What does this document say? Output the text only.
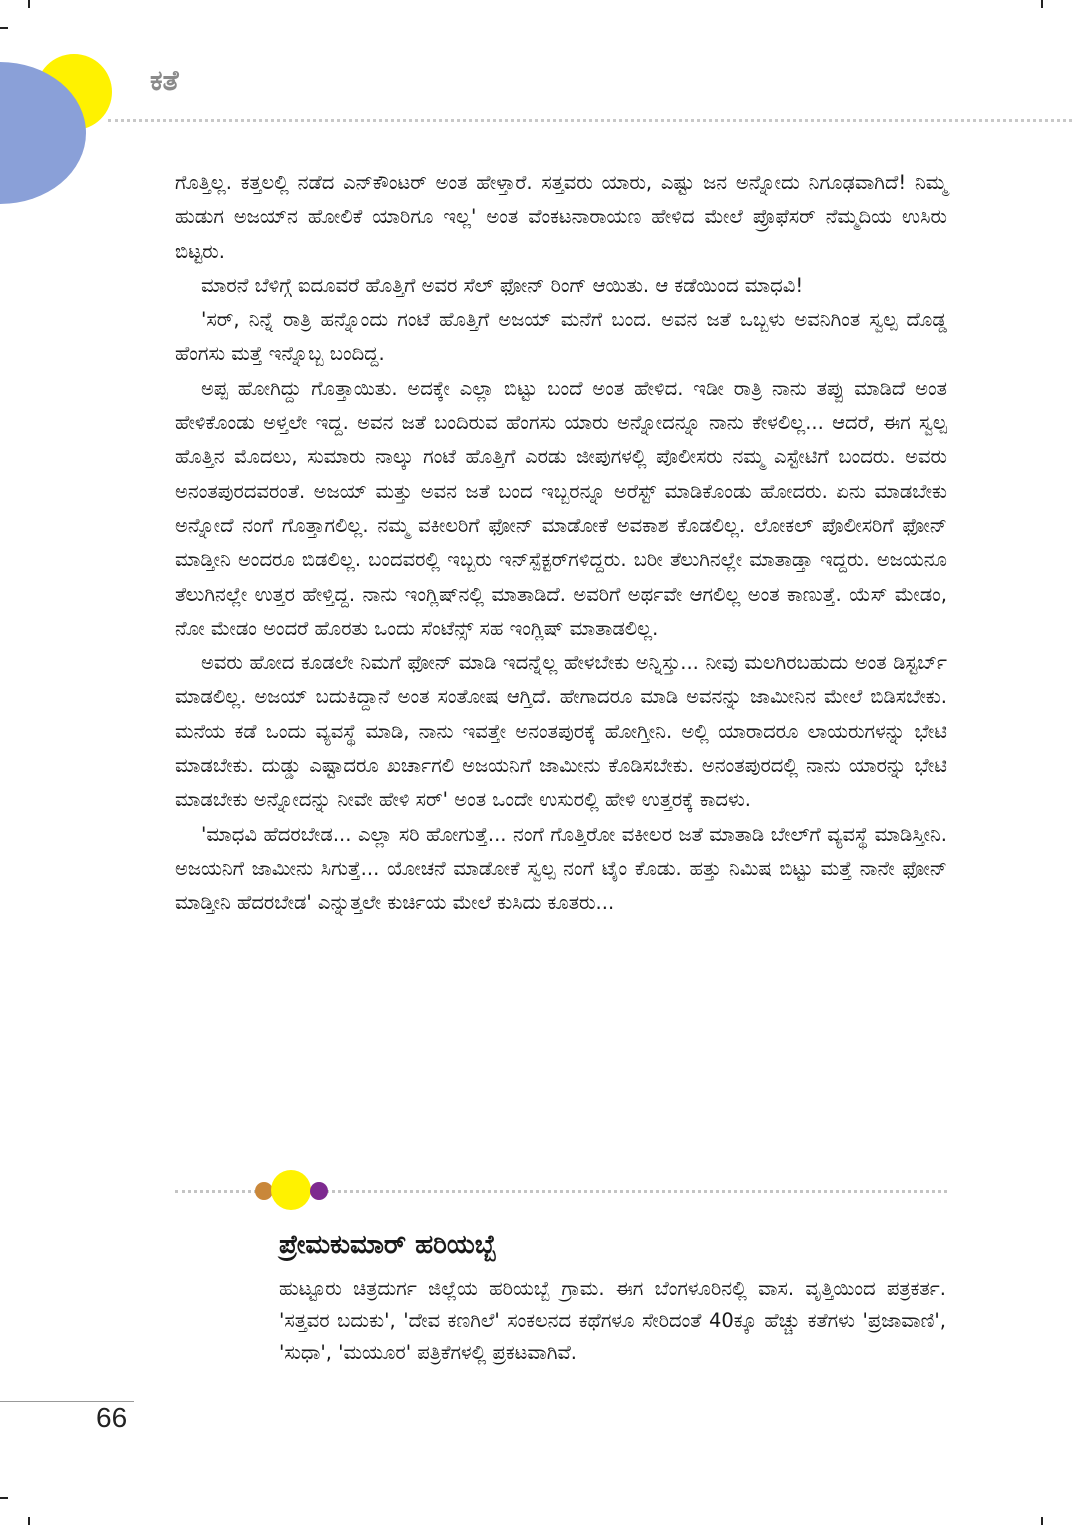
ಕತೆ

ಗೊತ್ತಿಲ್ಲ. ಕತ್ತಲಲ್ಲಿ ನಡೆದ ಎನ್‌ಕೌಂಟರ್ ಅಂತ ಹೇಳ್ತಾರೆ. ಸತ್ತವರು ಯಾರು, ಎಷ್ಟು ಜನ ಅನ್ನೋದು ನಿಗೂಢವಾಗಿದೆ! ನಿಮ್ಮ ಹುಡುಗ ಅಜಯ್‌ನ ಹೋಲಿಕೆ ಯಾರಿಗೂ ಇಲ್ಲ' ಅಂತ ವೆಂಕಟನಾರಾಯಣ ಹೇಳಿದ ಮೇಲೆ ಪ್ರೊಫೆಸರ್ ನೆಮ್ಮದಿಯ ಉಸಿರು ಬಿಟ್ಟರು.

ಮಾರನೆ ಬೆಳಿಗ್ಗೆ ಐದೂವರೆ ಹೊತ್ತಿಗೆ ಅವರ ಸೆಲ್ ಫೋನ್ ರಿಂಗ್ ಆಯಿತು. ಆ ಕಡೆಯಿಂದ ಮಾಧವಿ!

'ಸರ್, ನಿನ್ನೆ ರಾತ್ರಿ ಹನ್ನೊಂದು ಗಂಟೆ ಹೊತ್ತಿಗೆ ಅಜಯ್ ಮನೆಗೆ ಬಂದ. ಅವನ ಜತೆ ಒಬ್ಬಳು ಅವನಿಗಿಂತ ಸ್ವಲ್ಪ ದೊಡ್ಡ ಹೆಂಗಸು ಮತ್ತೆ ಇನ್ನೊಬ್ಬ ಬಂದಿದ್ದ.

ಅಪ್ಪ ಹೋಗಿದ್ದು ಗೊತ್ತಾಯಿತು. ಅದಕ್ಕೇ ಎಲ್ಲಾ ಬಿಟ್ಟು ಬಂದೆ ಅಂತ ಹೇಳಿದ. ಇಡೀ ರಾತ್ರಿ ನಾನು ತಪ್ಪು ಮಾಡಿದೆ ಅಂತ ಹೇಳಿಕೊಂಡು ಅಳ್ತಲೇ ಇದ್ದ. ಅವನ ಜತೆ ಬಂದಿರುವ ಹೆಂಗಸು ಯಾರು ಅನ್ನೋದನ್ನೂ ನಾನು ಕೇಳಲಿಲ್ಲ... ಆದರೆ, ಈಗ ಸ್ವಲ್ಪ ಹೊತ್ತಿನ ಮೊದಲು, ಸುಮಾರು ನಾಲ್ಕು ಗಂಟೆ ಹೊತ್ತಿಗೆ ಎರಡು ಜೀಪುಗಳಲ್ಲಿ ಪೊಲೀಸರು ನಮ್ಮ ಎಸ್ಟೇಟಿಗೆ ಬಂದರು. ಅವರು ಅನಂತಪುರದವರಂತೆ. ಅಜಯ್ ಮತ್ತು ಅವನ ಜತೆ ಬಂದ ಇಬ್ಬರನ್ನೂ ಅರೆಸ್ಟ್ ಮಾಡಿಕೊಂಡು ಹೋದರು. ಏನು ಮಾಡಬೇಕು ಅನ್ನೋದೆ ನಂಗೆ ಗೊತ್ತಾಗಲಿಲ್ಲ. ನಮ್ಮ ವಕೀಲರಿಗೆ ಫೋನ್ ಮಾಡೋಕೆ ಅವಕಾಶ ಕೊಡಲಿಲ್ಲ. ಲೋಕಲ್ ಪೊಲೀಸರಿಗೆ ಫೋನ್ ಮಾಡ್ತೀನಿ ಅಂದರೂ ಬಿಡಲಿಲ್ಲ. ಬಂದವರಲ್ಲಿ ಇಬ್ಬರು ಇನ್‌ಸ್ಪೆಕ್ಟರ್‌ಗಳಿದ್ದರು. ಬರೀ ತೆಲುಗಿನಲ್ಲೇ ಮಾತಾಡ್ತಾ ಇದ್ದರು. ಅಜಯನೂ ತೆಲುಗಿನಲ್ಲೇ ಉತ್ತರ ಹೇಳ್ತಿದ್ದ. ನಾನು ಇಂಗ್ಲಿಷ್‌ನಲ್ಲಿ ಮಾತಾಡಿದೆ. ಅವರಿಗೆ ಅರ್ಥವೇ ಆಗಲಿಲ್ಲ ಅಂತ ಕಾಣುತ್ತೆ. ಯೆಸ್ ಮೇಡಂ, ನೋ ಮೇಡಂ ಅಂದರೆ ಹೊರತು ಒಂದು ಸೆಂಟೆನ್ಸ್ ಸಹ ಇಂಗ್ಲಿಷ್ ಮಾತಾಡಲಿಲ್ಲ.

ಅವರು ಹೋದ ಕೂಡಲೇ ನಿಮಗೆ ಫೋನ್ ಮಾಡಿ ಇದನ್ನೆಲ್ಲ ಹೇಳಬೇಕು ಅನ್ನಿಸ್ತು... ನೀವು ಮಲಗಿರಬಹುದು ಅಂತ ಡಿಸ್ಟರ್ಬ್ ಮಾಡಲಿಲ್ಲ. ಅಜಯ್ ಬದುಕಿದ್ದಾನೆ ಅಂತ ಸಂತೋಷ ಆಗ್ತಿದೆ. ಹೇಗಾದರೂ ಮಾಡಿ ಅವನನ್ನು ಜಾಮೀನಿನ ಮೇಲೆ ಬಿಡಿಸಬೇಕು. ಮನೆಯ ಕಡೆ ಒಂದು ವ್ಯವಸ್ಥೆ ಮಾಡಿ, ನಾನು ಇವತ್ತೇ ಅನಂತಪುರಕ್ಕೆ ಹೋಗ್ತೀನಿ. ಅಲ್ಲಿ ಯಾರಾದರೂ ಲಾಯರುಗಳನ್ನು ಭೇಟಿ ಮಾಡಬೇಕು. ದುಡ್ಡು ಎಷ್ಟಾದರೂ ಖರ್ಚಾಗಲಿ ಅಜಯನಿಗೆ ಜಾಮೀನು ಕೊಡಿಸಬೇಕು. ಅನಂತಪುರದಲ್ಲಿ ನಾನು ಯಾರನ್ನು ಭೇಟಿ ಮಾಡಬೇಕು ಅನ್ನೋದನ್ನು ನೀವೇ ಹೇಳಿ ಸರ್' ಅಂತ ಒಂದೇ ಉಸುರಲ್ಲಿ ಹೇಳಿ ಉತ್ತರಕ್ಕೆ ಕಾದಳು.

'ಮಾಧವಿ ಹೆದರಬೇಡ... ಎಲ್ಲಾ ಸರಿ ಹೋಗುತ್ತೆ... ನಂಗೆ ಗೊತ್ತಿರೋ ವಕೀಲರ ಜತೆ ಮಾತಾಡಿ ಬೇಲ್‌ಗೆ ವ್ಯವಸ್ಥೆ ಮಾಡಿಸ್ತೀನಿ. ಅಜಯನಿಗೆ ಜಾಮೀನು ಸಿಗುತ್ತೆ... ಯೋಚನೆ ಮಾಡೋಕೆ ಸ್ವಲ್ಪ ನಂಗೆ ಟೈಂ ಕೊಡು. ಹತ್ತು ನಿಮಿಷ ಬಿಟ್ಟು ಮತ್ತೆ ನಾನೇ ಫೋನ್ ಮಾಡ್ತೀನಿ ಹೆದರಬೇಡ' ಎನ್ನುತ್ತಲೇ ಕುರ್ಚಿಯ ಮೇಲೆ ಕುಸಿದು ಕೂತರು...

ಪ್ರೇಮಕುಮಾರ್ ಹರಿಯಬ್ಬೆ

ಹುಟ್ಟೂರು ಚಿತ್ರದುರ್ಗ ಜಿಲ್ಲೆಯ ಹರಿಯಬ್ಬೆ ಗ್ರಾಮ. ಈಗ ಬೆಂಗಳೂರಿನಲ್ಲಿ ವಾಸ. ವೃತ್ತಿಯಿಂದ ಪತ್ರಕರ್ತ. 'ಸತ್ತವರ ಬದುಕು', 'ದೇವ ಕಣಗಿಲೆ' ಸಂಕಲನದ ಕಥೆಗಳೂ ಸೇರಿದಂತೆ 40ಕ್ಕೂ ಹೆಚ್ಚು ಕತೆಗಳು 'ಪ್ರಜಾವಾಣಿ', 'ಸುಧಾ', 'ಮಯೂರ' ಪತ್ರಿಕೆಗಳಲ್ಲಿ ಪ್ರಕಟವಾಗಿವೆ.

66
